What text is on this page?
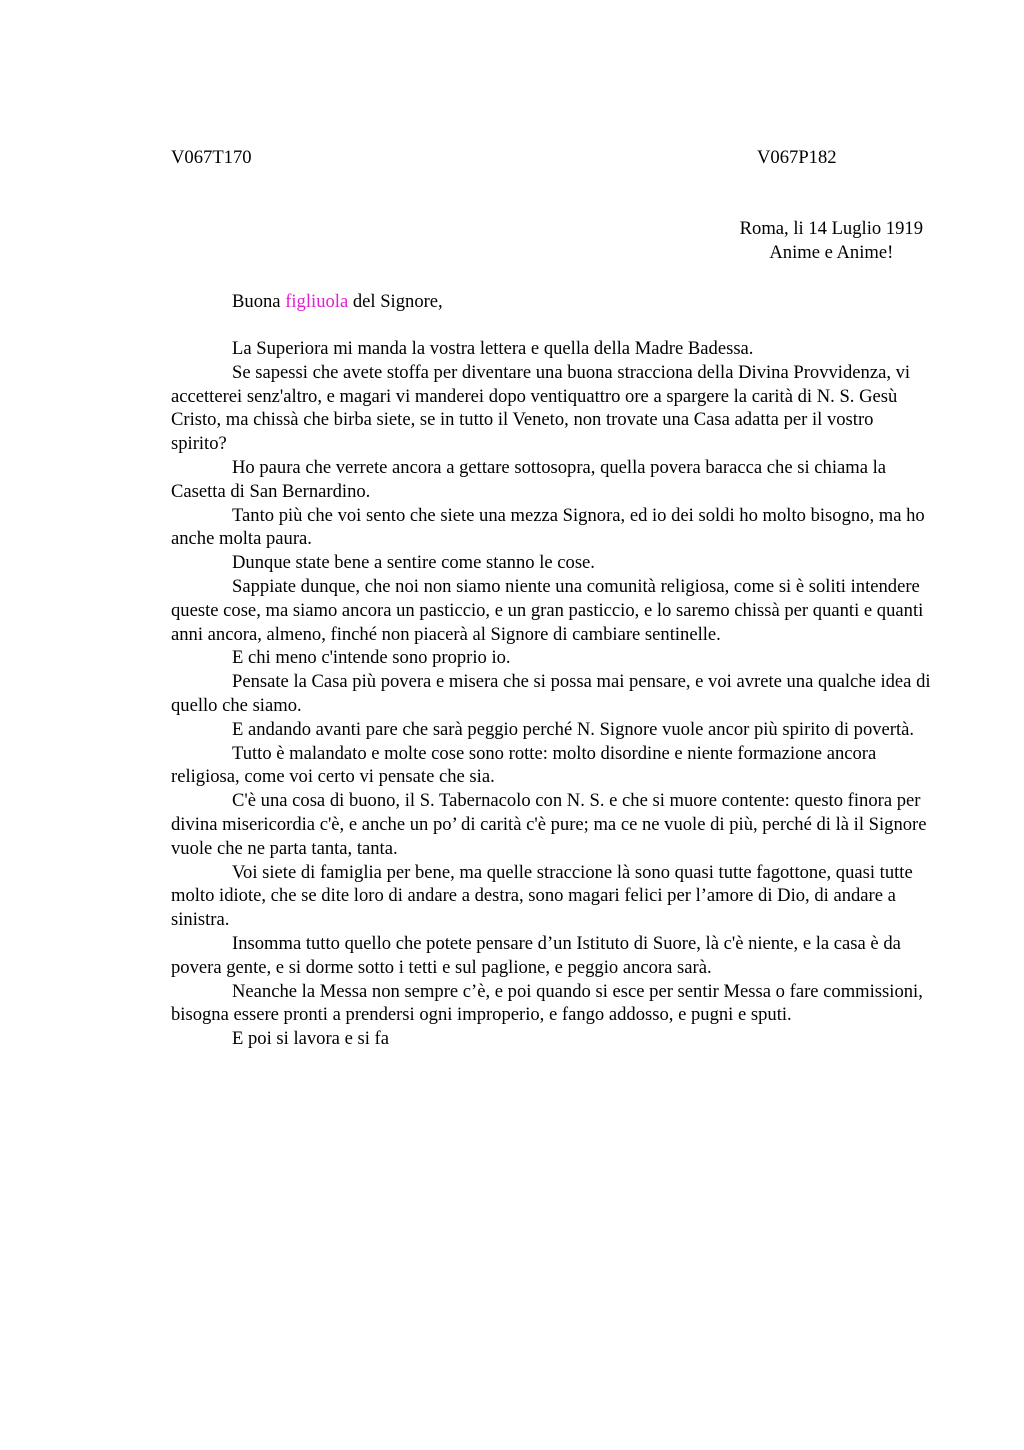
V067T170	V067P182
Roma, li 14 Luglio 1919

Anime e Anime!
Buona figliuola del Signore,

La Superiora mi manda la vostra lettera e quella della Madre Badessa.

Se sapessi che avete stoffa per diventare una buona stracciona della Divina Provvidenza, vi accetterei senz'altro, e magari vi manderei dopo ventiquattro ore a spargere la carità di N. S. Gesù Cristo, ma chissà che birba siete, se in tutto il Veneto, non trovate una Casa adatta per il vostro spirito?

Ho paura che verrete ancora a gettare sottosopra, quella povera baracca che si chiama la Casetta di San Bernardino.

Tanto più che voi sento che siete una mezza Signora, ed io dei soldi ho molto bisogno, ma ho anche molta paura.

Dunque state bene a sentire come stanno le cose.

Sappiate dunque, che noi non siamo niente una comunità religiosa, come si è soliti intendere queste cose, ma siamo ancora un pasticcio, e un gran pasticcio, e lo saremo chissà per quanti e quanti anni ancora, almeno, finché non piacerà al Signore di cambiare sentinelle.

E chi meno c'intende sono proprio io.

Pensate la Casa più povera e misera che si possa mai pensare, e voi avrete una qualche idea di quello che siamo.

E andando avanti pare che sarà peggio perché N. Signore vuole ancor più spirito di povertà.

Tutto è malandato e molte cose sono rotte: molto disordine e niente formazione ancora religiosa, come voi certo vi pensate che sia.

C'è una cosa di buono, il S. Tabernacolo con N. S. e che si muore contente: questo finora per divina misericordia c'è, e anche un po’ di carità c'è pure; ma ce ne vuole di più, perché di là il Signore vuole che ne parta tanta, tanta.

Voi siete di famiglia per bene, ma quelle straccione là sono quasi tutte fagottone, quasi tutte molto idiote, che se dite loro di andare a destra, sono magari felici per l’amore di Dio, di andare a sinistra.

Insomma tutto quello che potete pensare d’un Istituto di Suore, là c'è niente, e la casa è da povera gente, e si dorme sotto i tetti e sul paglione, e peggio ancora sarà.

Neanche la Messa non sempre c’è, e poi quando si esce per sentir Messa o fare commissioni, bisogna essere pronti a prendersi ogni improperio, e fango addosso, e pugni e sputi.

E poi si lavora e si fa
